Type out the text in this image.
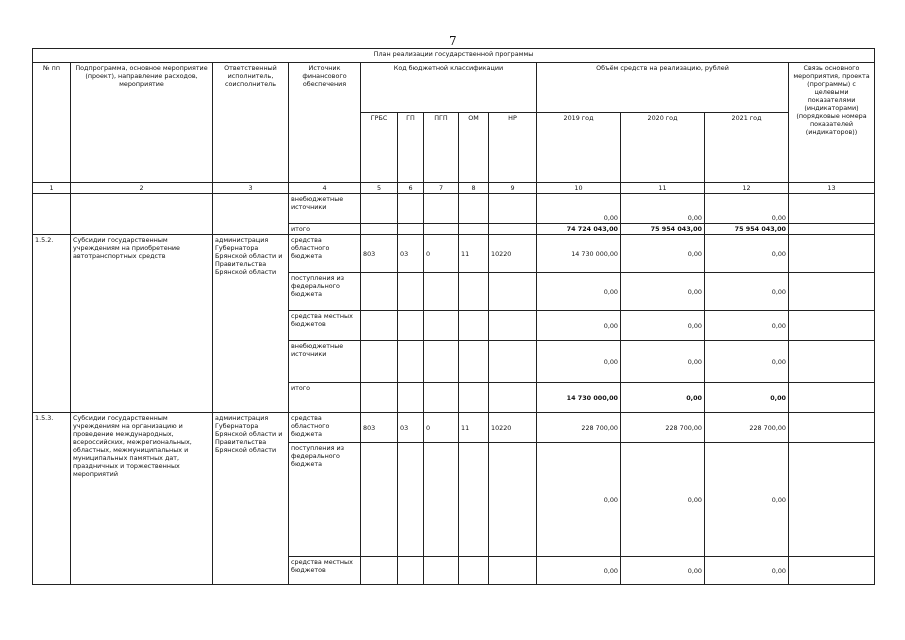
7
План реализации государственной программы												
№ пп	Подпрограмма, основное мероприятие (проект), направление расходов, мероприятие	Ответственный исполнитель, соисполнитель	Источник финансового обеспечения	Код бюджетной классификации					Объём средств на реализацию, рублей			Связь основного мероприятия, проекта (программы) с целевыми показателями (индикаторами) (порядковые номера показателей (индикаторов))
				ГРБС	ГП	ПГП	ОМ	НР	2019 год	2020 год	2021 год	
1	2	3	4	5	6	7	8	9	10	11	12	13
			внебюджетные источники						0,00	0,00	0,00	
			итого						74 724 043,00	75 954 043,00	75 954 043,00	
1.5.2.	Субсидии государственным учреждениям на приобретение автотранспортных средств	администрация Губернатора Брянской области и Правительства Брянской области	средства областного бюджета	803	03	0	11	10220	14 730 000,00	0,00	0,00	
			поступления из федерального бюджета						0,00	0,00	0,00	
			средства местных бюджетов						0,00	0,00	0,00	
			внебюджетные источники						0,00	0,00	0,00	
			итого						14 730 000,00	0,00	0,00	
1.5.3.	Субсидии государственным учреждениям на организацию и проведение международных, всероссийских, межрегиональных, областных, межмуниципальных и муниципальных памятных дат, праздничных и торжественных мероприятий	администрация Губернатора Брянской области и Правительства Брянской области	средства областного бюджета	803	03	0	11	10220	228 700,00	228 700,00	228 700,00	
			поступления из федерального бюджета						0,00	0,00	0,00	
			средства местных бюджетов						0,00	0,00	0,00	
